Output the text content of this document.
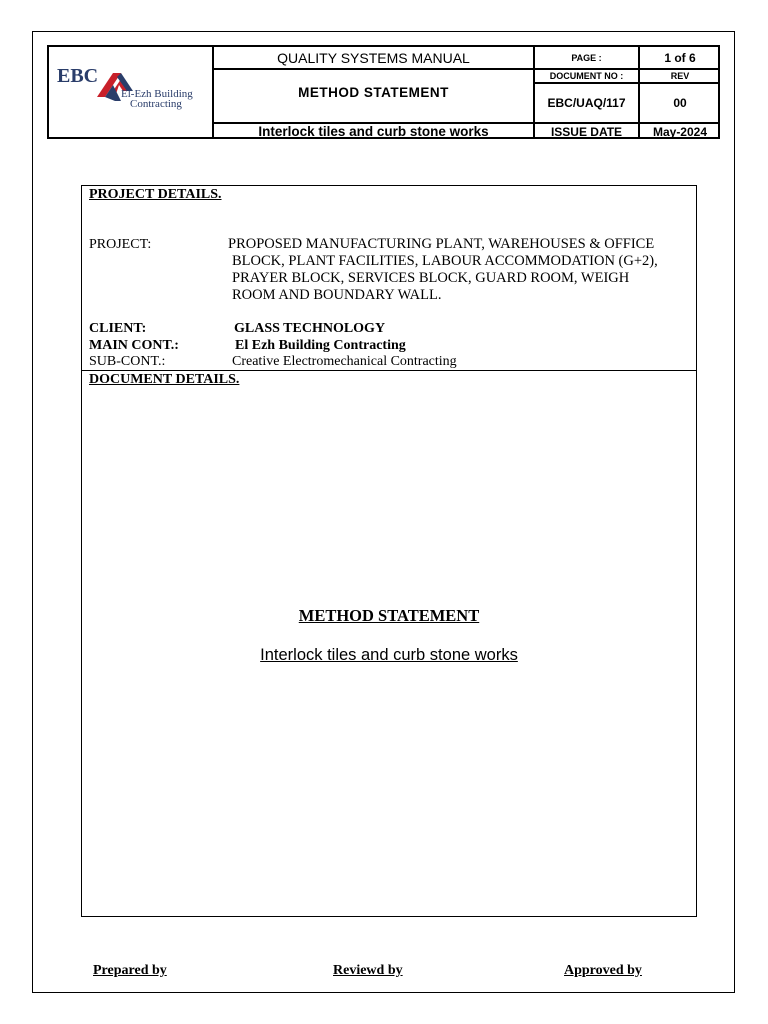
EBC
El-Ezh Building
Contracting
QUALITY SYSTEMS MANUAL
METHOD STATEMENT
Interlock tiles and curb stone works
PAGE :	1 of 6
DOCUMENT NO :	REV
EBC/UAQ/117	00
ISSUE DATE	May-2024
PROJECT DETAILS.
PROJECT:	PROPOSED MANUFACTURING PLANT, WAREHOUSES & OFFICE
BLOCK, PLANT FACILITIES, LABOUR ACCOMMODATION (G+2),
PRAYER BLOCK, SERVICES BLOCK, GUARD ROOM, WEIGH
ROOM AND BOUNDARY WALL.
CLIENT:	GLASS TECHNOLOGY
MAIN CONT.:	El Ezh Building Contracting
SUB-CONT.:	Creative Electromechanical Contracting
DOCUMENT DETAILS.
METHOD STATEMENT
Interlock tiles and curb stone works
Prepared by	Reviewd by	Approved by
